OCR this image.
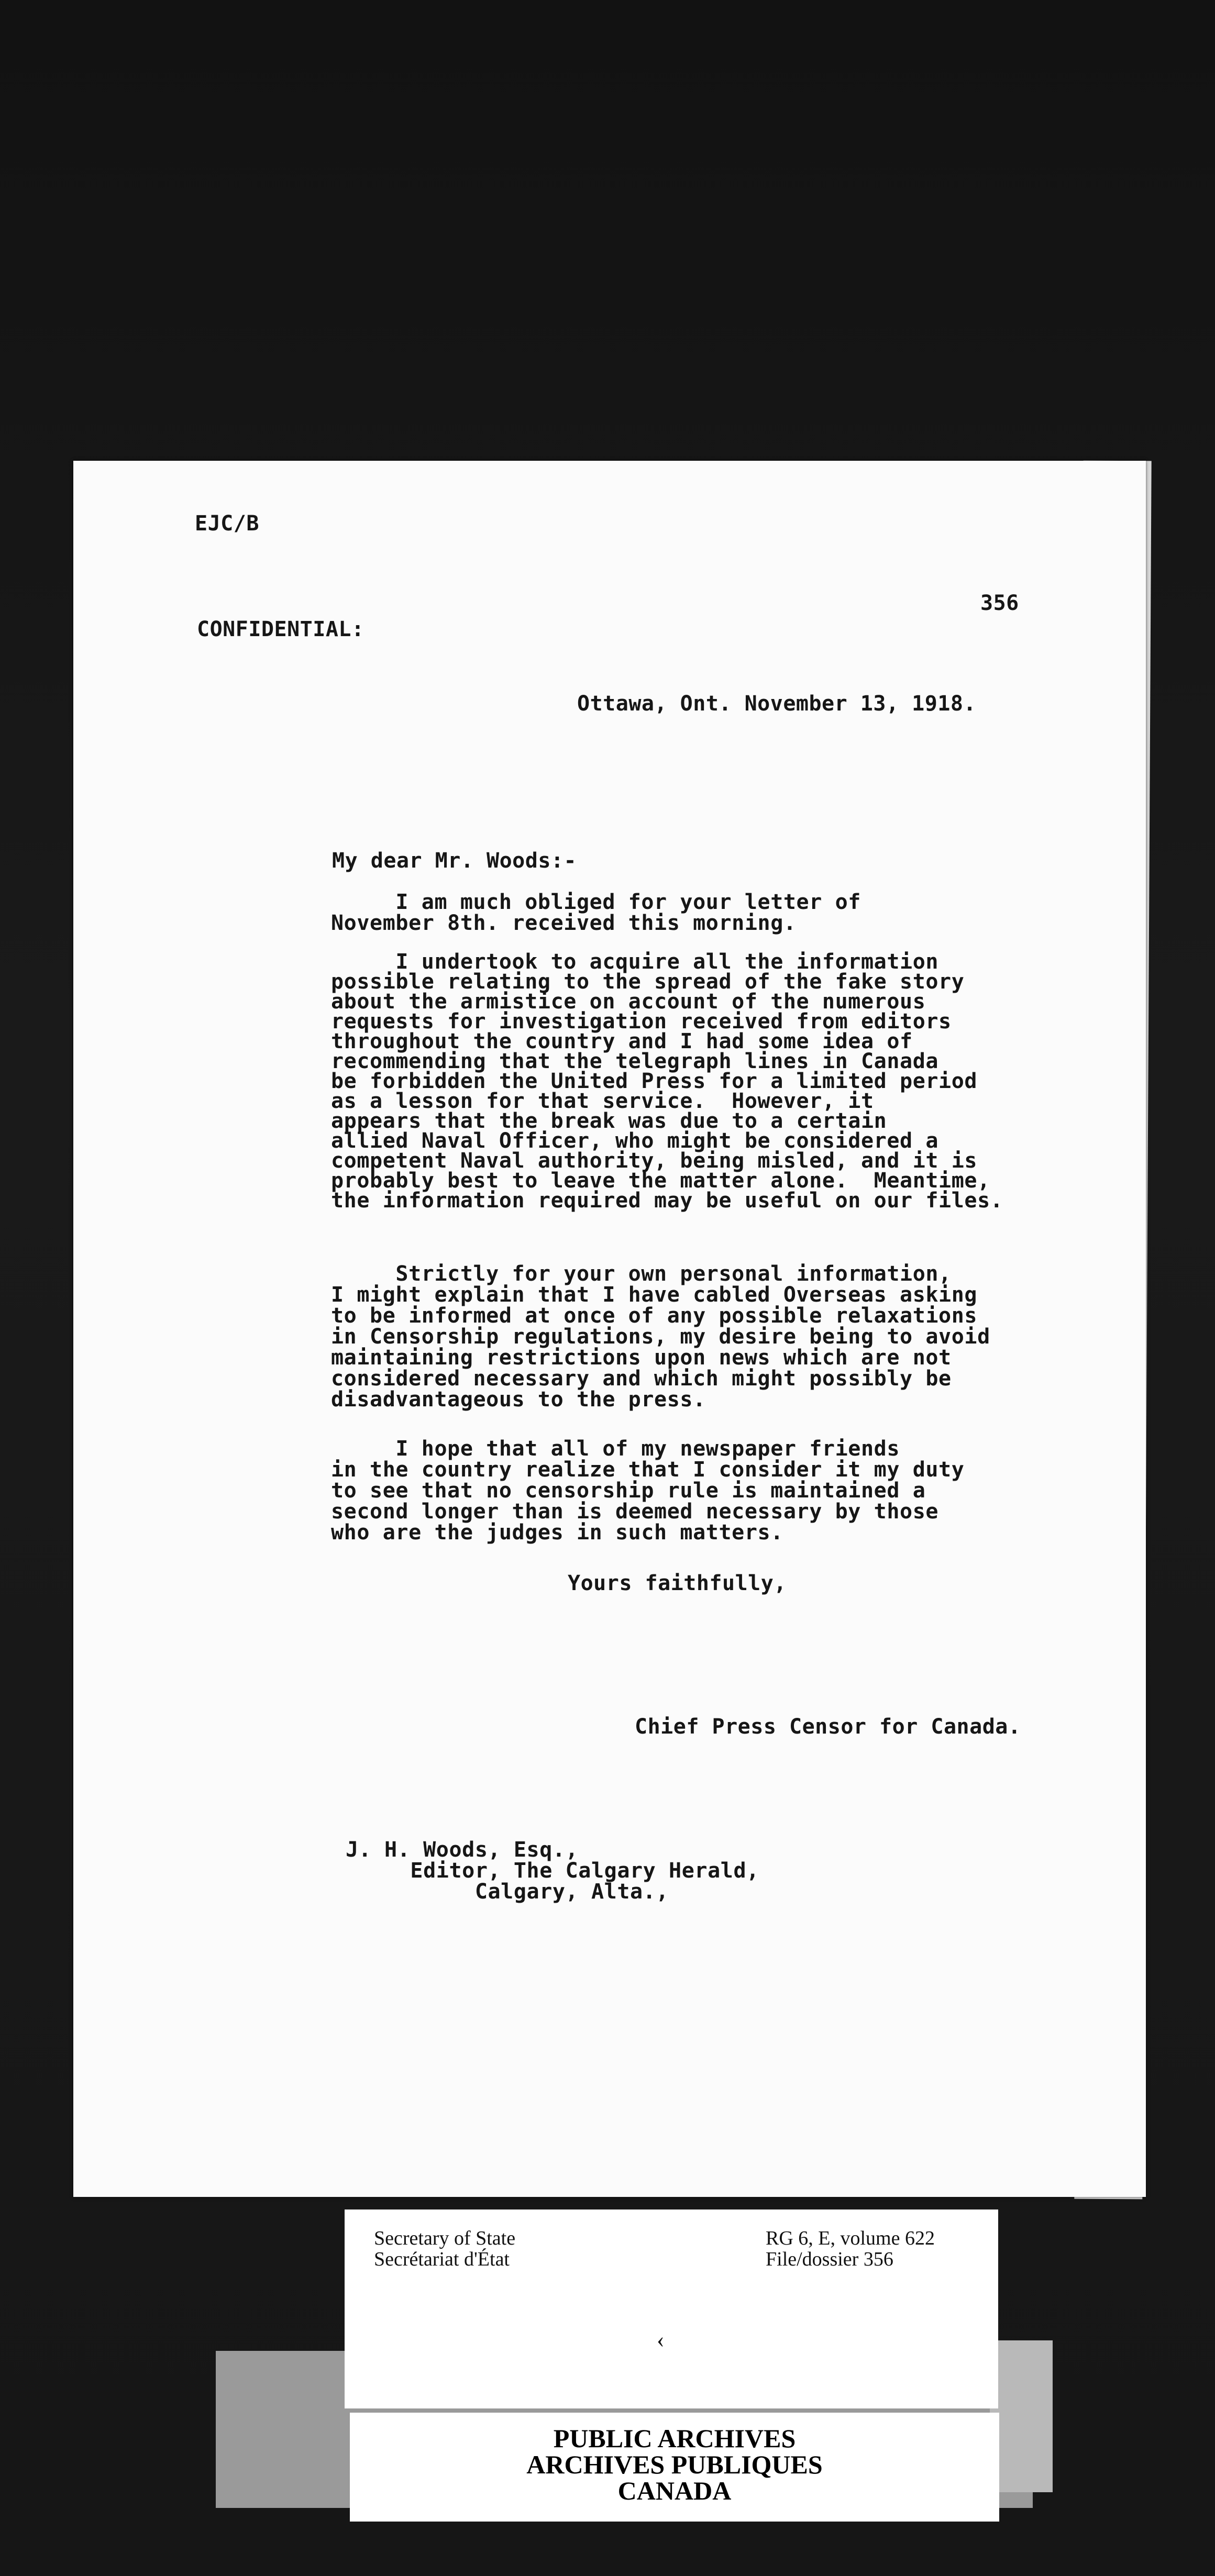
EJC/B
356
CONFIDENTIAL:
Ottawa, Ont. November 13, 1918.
My dear Mr. Woods:-
I am much obliged for your letter of
November 8th. received this morning.
I undertook to acquire all the information
possible relating to the spread of the fake story
about the armistice on account of the numerous
requests for investigation received from editors
throughout the country and I had some idea of
recommending that the telegraph lines in Canada
be forbidden the United Press for a limited period
as a lesson for that service.  However, it
appears that the break was due to a certain
allied Naval Officer, who might be considered a
competent Naval authority, being misled, and it is
probably best to leave the matter alone.  Meantime,
the information required may be useful on our files.
Strictly for your own personal information,
I might explain that I have cabled Overseas asking
to be informed at once of any possible relaxations
in Censorship regulations, my desire being to avoid
maintaining restrictions upon news which are not
considered necessary and which might possibly be
disadvantageous to the press.
I hope that all of my newspaper friends
in the country realize that I consider it my duty
to see that no censorship rule is maintained a
second longer than is deemed necessary by those
who are the judges in such matters.
Yours faithfully,
Chief Press Censor for Canada.
J. H. Woods, Esq.,
Editor, The Calgary Herald,
Calgary, Alta.,
Secretary of State
Secrétariat d'État
RG 6, E, volume 622
File/dossier 356
‹
PUBLIC ARCHIVES
ARCHIVES PUBLIQUES
CANADA
